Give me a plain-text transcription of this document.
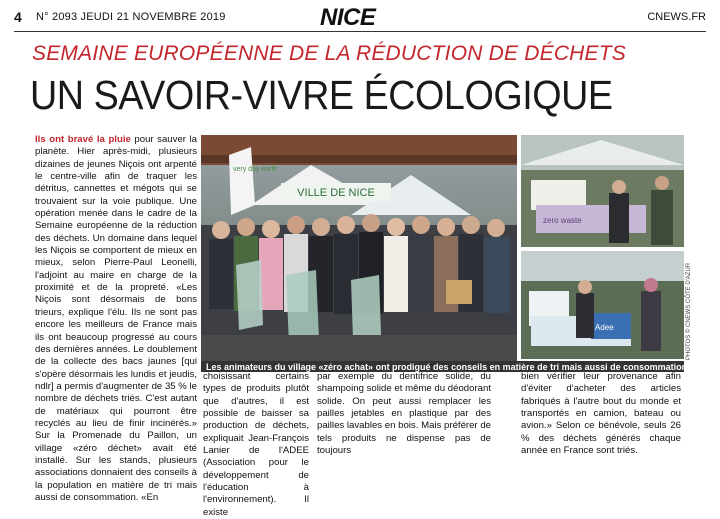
4 N° 2093 JEUDI 21 NOVEMBRE 2019	NICE	CNEWS.FR
SEMAINE EUROPÉENNE DE LA RÉDUCTION DE DÉCHETS
UN SAVOIR-VIVRE ÉCOLOGIQUE
Ils ont bravé la pluie pour sauver la planète. Hier après-midi, plusieurs dizaines de jeunes Niçois ont arpenté le centre-ville afin de traquer les détritus, cannettes et mégots qui se trouvaient sur la voie publique. Une opération menée dans le cadre de la Semaine européenne de la réduction des déchets. Un domaine dans lequel les Niçois se comportent de mieux en mieux, selon Pierre-Paul Leonelli, l'adjoint au maire en charge de la proximité et de la propreté. «Les Niçois sont désormais de bons trieurs, explique l'élu. Ils ne sont pas encore les meilleurs de France mais ils ont beaucoup progressé au cours des dernières années. Le doublement de la collecte des bacs jaunes [qui s'opère désormais les lundis et jeudis, ndlr] a permis d'augmenter de 35 % le nombre de déchets triés. C'est autant de matériaux qui pourront être recyclés au lieu de finir incinérés.» Sur la Promenade du Paillon, un village «zéro déchet» avait été installé. Sur les stands, plusieurs associations donnaient des conseils à la population en matière de tri mais aussi de consommation. «En
VILLE DE NICE
very day earth
zero waste
Adee
Les animateurs du village «zéro achat» ont prodigué des conseils en matière de tri mais aussi de consommation.
PHOTOS © CNEWS CÔTE D'AZUR
choisissant certains types de produits plutôt que d'autres, il est possible de baisser sa production de déchets, expliquait Jean-François Lanier de l'ADEE (Association pour le développement de l'éducation à l'environnement). Il existe
par exemple du dentifrice solide, du shampoing solide et même du déodorant solide. On peut aussi remplacer les pailles jetables en plastique par des pailles lavables en bois. Mais préférer de tels produits ne dispense pas de toujours
bien vérifier leur provenance afin d'éviter d'acheter des articles fabriqués à l'autre bout du monde et transportés en camion, bateau ou avion.» Selon ce bénévole, seuls 26 % des déchets générés chaque année en France sont triés.
